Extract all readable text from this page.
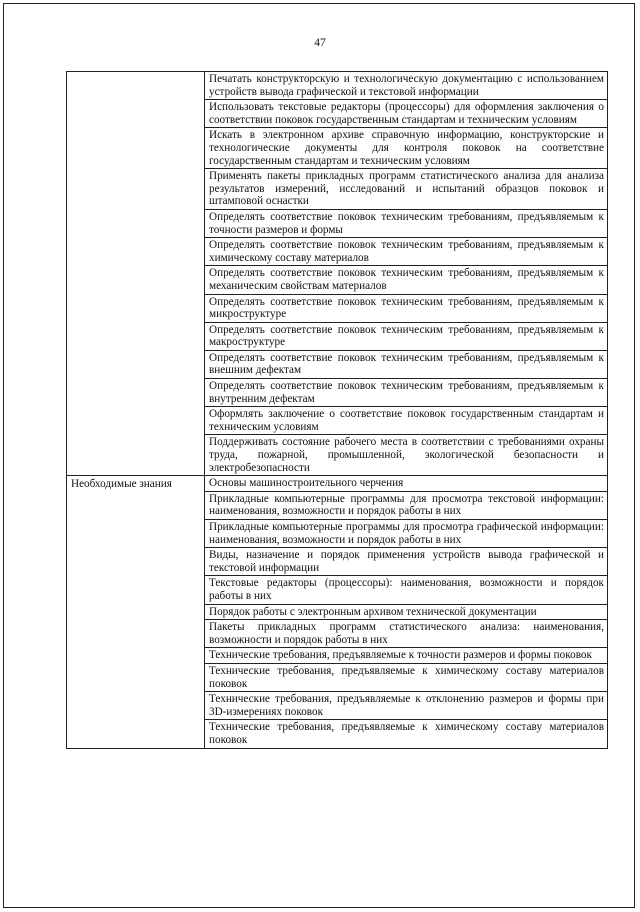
47
	Печатать конструкторскую и технологическую документацию с использованием устройств вывода графической и текстовой информации
	Использовать текстовые редакторы (процессоры) для оформления заключения о соответствии поковок государственным стандартам и техническим условиям
	Искать в электронном архиве справочную информацию, конструкторские и технологические документы для контроля поковок на соответствие государственным стандартам и техническим условиям
	Применять пакеты прикладных программ статистического анализа для анализа результатов измерений, исследований и испытаний образцов поковок и штамповой оснастки
	Определять соответствие поковок техническим требованиям, предъявляемым к точности размеров и формы
	Определять соответствие поковок техническим требованиям, предъявляемым к химическому составу материалов
	Определять соответствие поковок техническим требованиям, предъявляемым к механическим свойствам материалов
	Определять соответствие поковок техническим требованиям, предъявляемым к микроструктуре
	Определять соответствие поковок техническим требованиям, предъявляемым к макроструктуре
	Определять соответствие поковок техническим требованиям, предъявляемым к внешним дефектам
	Определять соответствие поковок техническим требованиям, предъявляемым к внутренним дефектам
	Оформлять заключение о соответствие поковок государственным стандартам и техническим условиям
	Поддерживать состояние рабочего места в соответствии с требованиями охраны труда, пожарной, промышленной, экологической безопасности и электробезопасности

Необходимые знания	Основы машиностроительного черчения
	Прикладные компьютерные программы для просмотра текстовой информации: наименования, возможности и порядок работы в них
	Прикладные компьютерные программы для просмотра графической информации: наименования, возможности и порядок работы в них
	Виды, назначение и порядок применения устройств вывода графической и текстовой информации
	Текстовые редакторы (процессоры): наименования, возможности и порядок работы в них
	Порядок работы с электронным архивом технической документации
	Пакеты прикладных программ статистического анализа: наименования, возможности и порядок работы в них
	Технические требования, предъявляемые к точности размеров и формы поковок
	Технические требования, предъявляемые к химическому составу материалов поковок
	Технические требования, предъявляемые к отклонению размеров и формы при 3D-измерениях поковок
	Технические требования, предъявляемые к химическому составу материалов поковок
